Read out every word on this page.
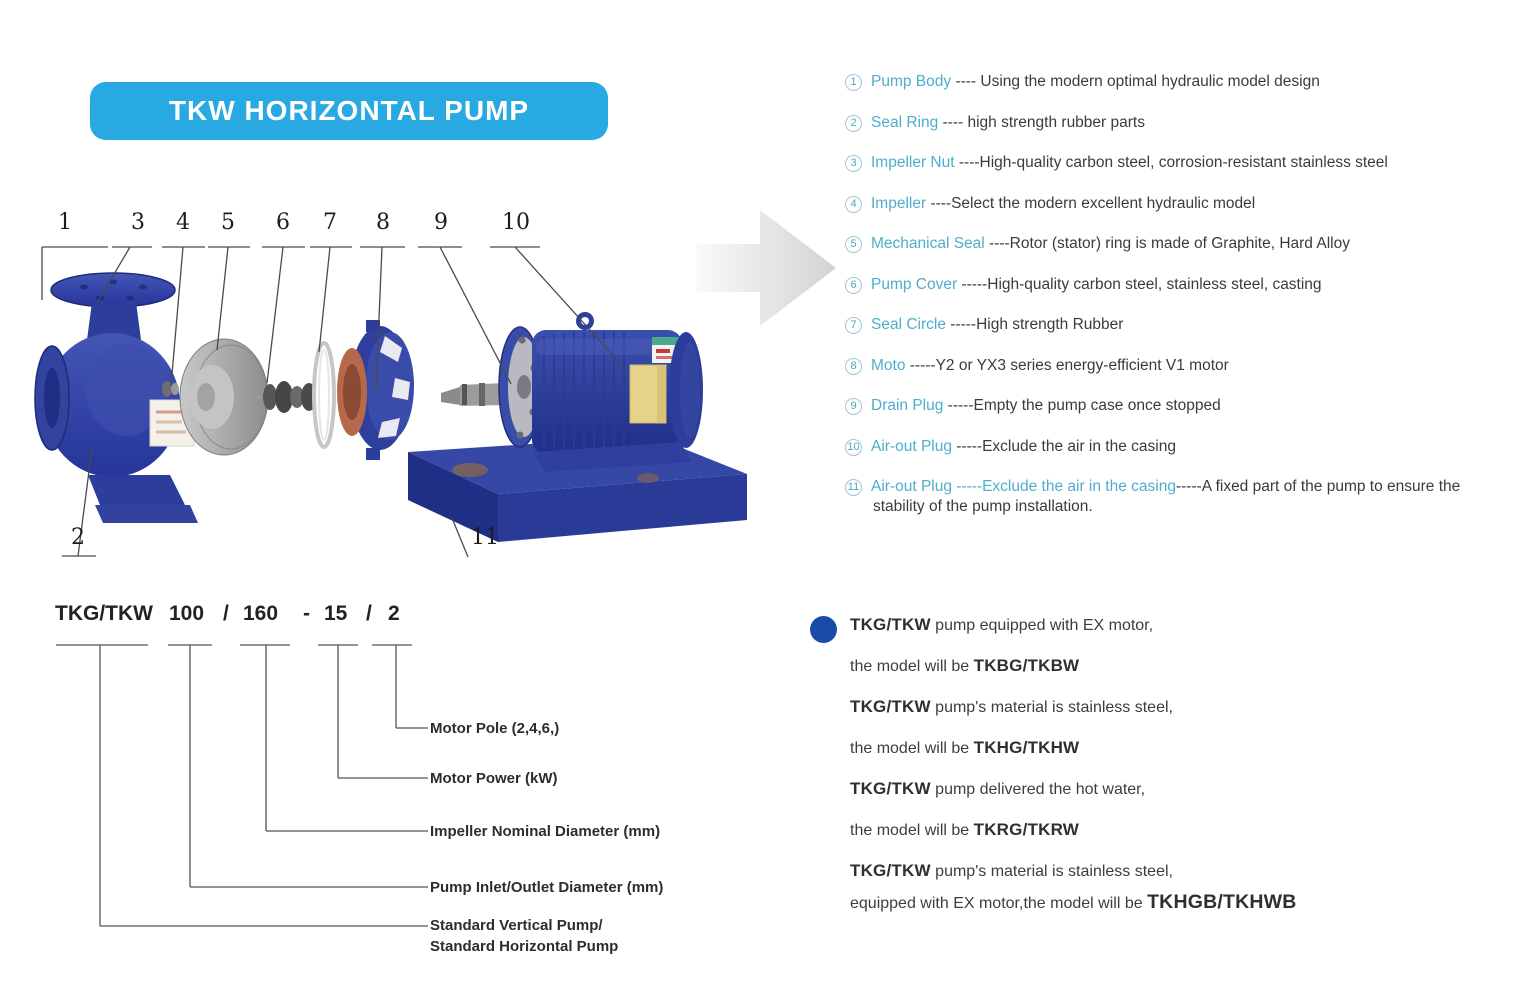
TKW HORIZONTAL PUMP
1	3 4 5 6 7 8 9 10
2	11
1 Pump Body ---- Using the modern optimal hydraulic model design
2 Seal Ring ---- high strength rubber parts
3 Impeller Nut ----High-quality carbon steel, corrosion-resistant stainless steel
4 Impeller ----Select the modern excellent hydraulic model
5 Mechanical Seal ----Rotor (stator) ring is made of Graphite, Hard Alloy
6 Pump Cover -----High-quality carbon steel, stainless steel, casting
7 Seal Circle -----High strength Rubber
8 Moto -----Y2 or YX3 series energy-efficient V1 motor
9 Drain Plug -----Empty the pump case once stopped
10 Air-out Plug -----Exclude the air in the casing
11 Air-out Plug -----Exclude the air in the casing-----A fixed part of the pump to ensure the stability of the pump installation.
TKG/TKW 100 / 160 - 15 / 2
Motor Pole (2,4,6,)
Motor Power (kW)
Impeller Nominal Diameter (mm)
Pump Inlet/Outlet Diameter (mm)
Standard Vertical Pump/
Standard Horizontal Pump
TKG/TKW pump equipped with EX motor,
the model will be TKBG/TKBW
TKG/TKW pump's material is stainless steel,
the model will be TKHG/TKHW
TKG/TKW pump delivered the hot water,
the model will be TKRG/TKRW
TKG/TKW pump's material is stainless steel,
equipped with EX motor,the model will be TKHGB/TKHWB
